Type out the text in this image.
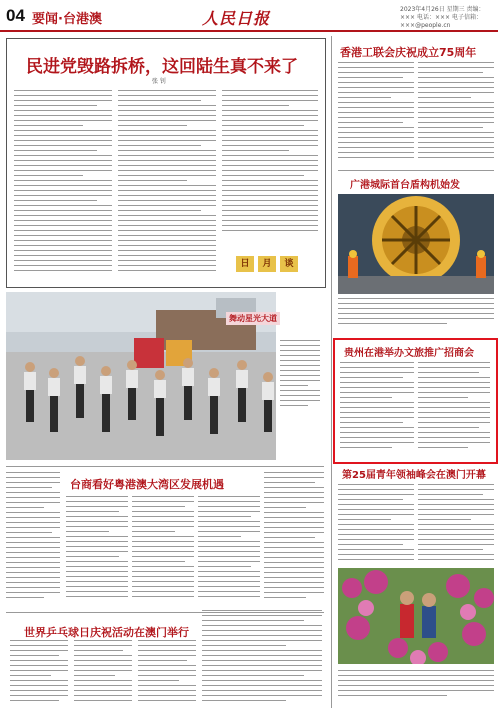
04 要闻·台港澳	人民日报	2023年4月26日 星期三 责编：××× 电话：××× 电子信箱：×××@people.cn
民进党毁路拆桥，这回陆生真不来了
张 钊
日	月	谈
香港工联会庆祝成立75周年
广港城际首台盾构机始发
舞动星光大道
贵州在港举办文旅推广招商会
第25届青年领袖峰会在澳门开幕
台商看好粤港澳大湾区发展机遇
世界乒乓球日庆祝活动在澳门举行
